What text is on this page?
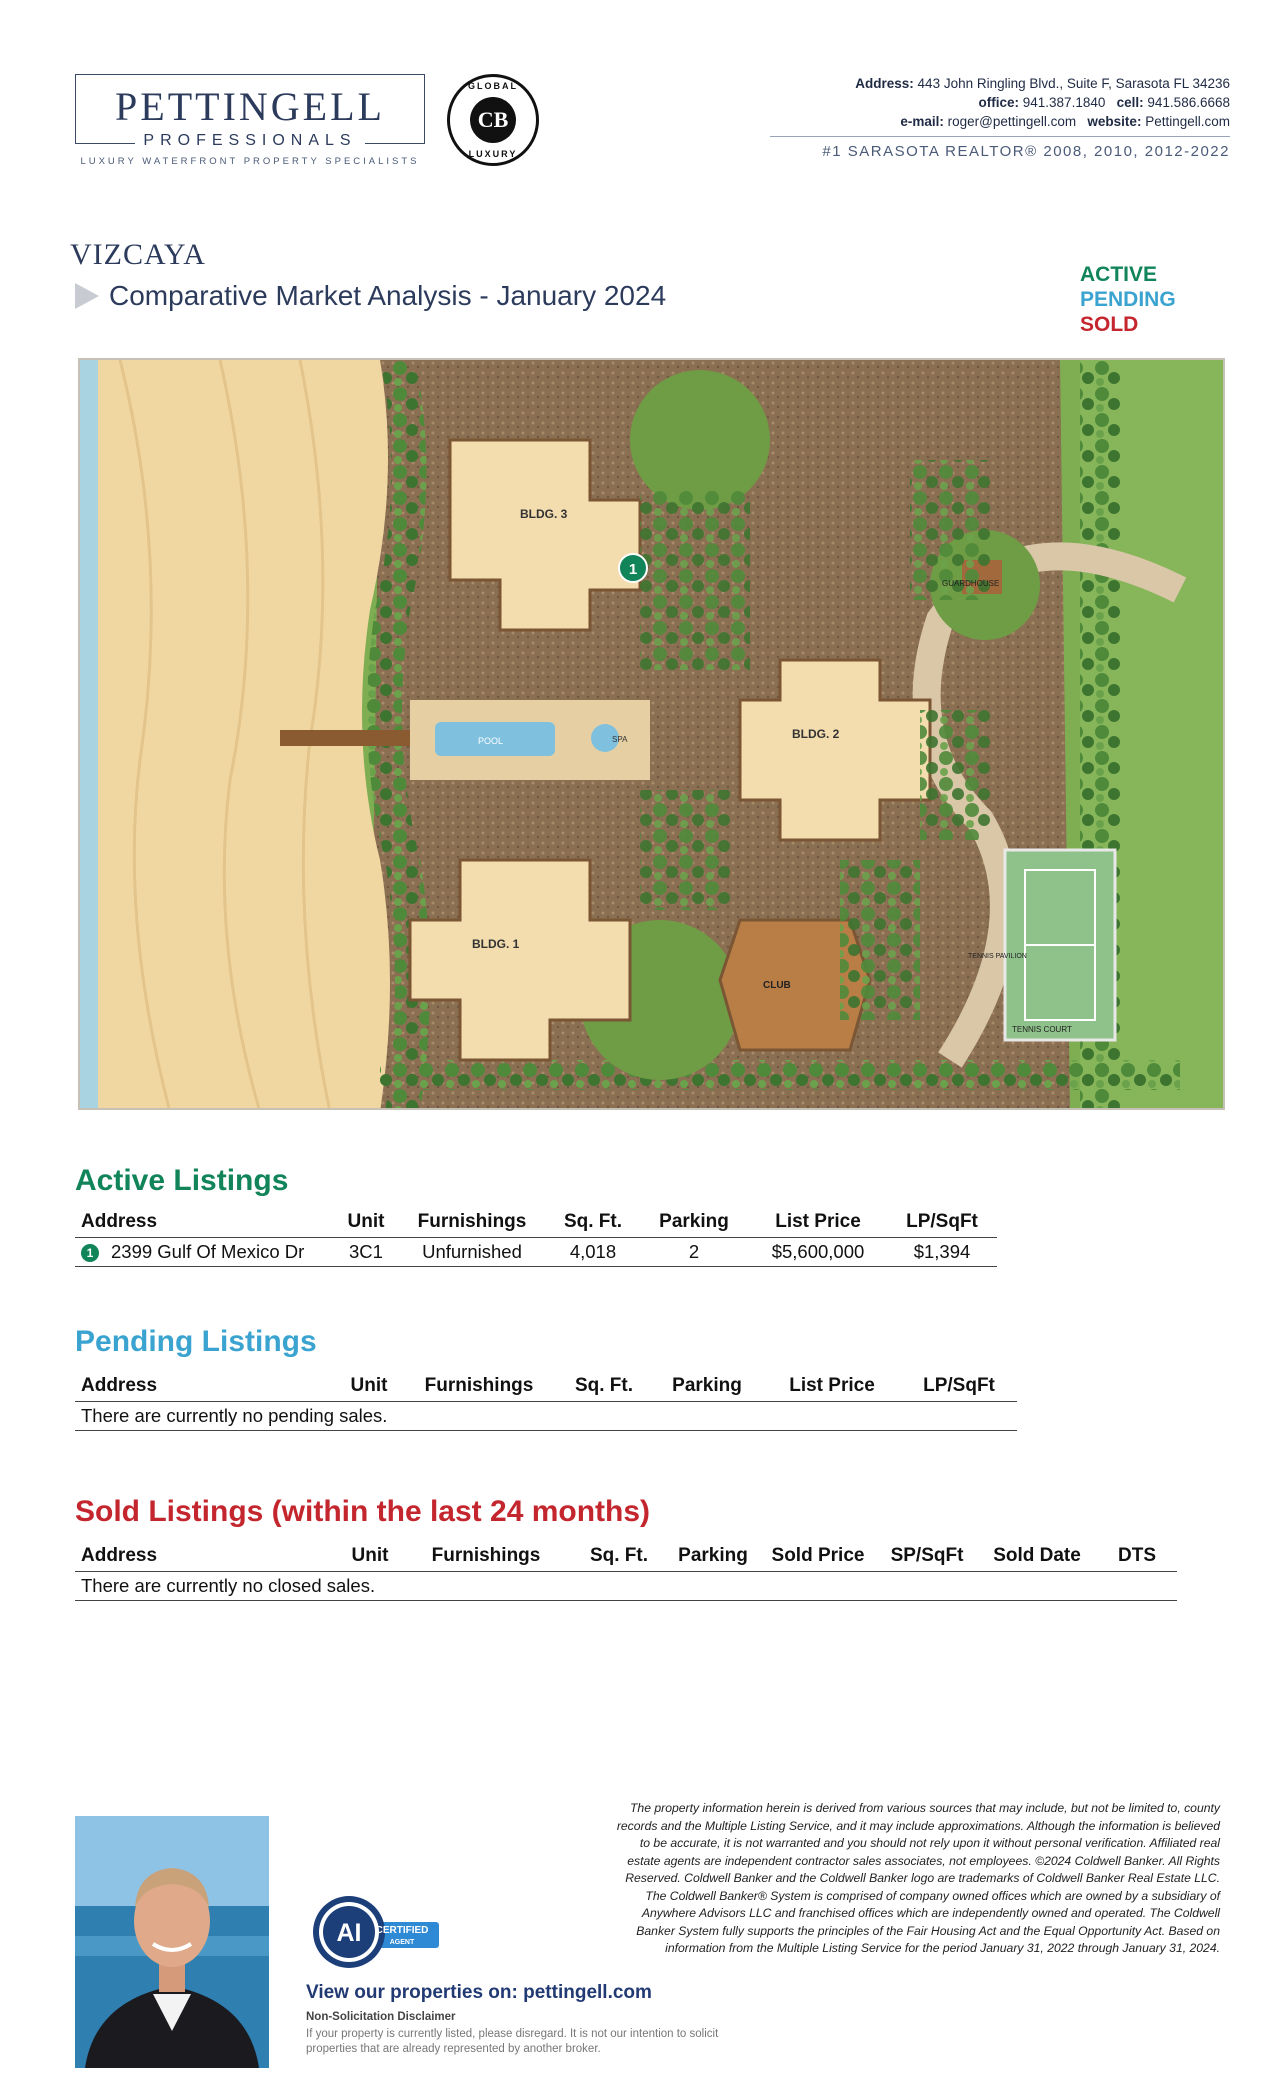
PETTINGELL
PROFESSIONALS
LUXURY WATERFRONT PROPERTY SPECIALISTS
GLOBAL
CB
LUXURY
Address: 443 John Ringling Blvd., Suite F, Sarasota FL 34236
office: 941.387.1840 cell: 941.586.6668
e-mail: roger@pettingell.com website: Pettingell.com
#1 SARASOTA REALTOR® 2008, 2010, 2012-2022
VIZCAYA
Comparative Market Analysis - January 2024
ACTIVE
PENDING
SOLD
BLDG. 3
BLDG. 2
BLDG. 1
POOL	SPA
CLUB
GUARDHOUSE
TENNIS PAVILION
TENNIS COURT
1
Active Listings
Address	Unit	Furnishings	Sq. Ft.	Parking	List Price	LP/SqFt
1 2399 Gulf Of Mexico Dr	3C1	Unfurnished	4,018	2	$5,600,000	$1,394
Pending Listings
Address	Unit	Furnishings	Sq. Ft.	Parking	List Price	LP/SqFt
There are currently no pending sales.
Sold Listings (within the last 24 months)
Address	Unit	Furnishings	Sq. Ft.	Parking	Sold Price	SP/SqFt	Sold Date	DTS
There are currently no closed sales.
The property information herein is derived from various sources that may include, but not be limited to, county records and the Multiple Listing Service, and it may include approximations. Although the information is believed to be accurate, it is not warranted and you should not rely upon it without personal verification. Affiliated real estate agents are independent contractor sales associates, not employees. ©2024 Coldwell Banker. All Rights Reserved. Coldwell Banker and the Coldwell Banker logo are trademarks of Coldwell Banker Real Estate LLC. The Coldwell Banker® System is comprised of company owned offices which are owned by a subsidiary of Anywhere Advisors LLC and franchised offices which are independently owned and operated. The Coldwell Banker System fully supports the principles of the Fair Housing Act and the Equal Opportunity Act. Based on information from the Multiple Listing Service for the period January 31, 2022 through January 31, 2024.
AI CERTIFIED
AGENT
View our properties on: pettingell.com
Non-Solicitation Disclaimer
If your property is currently listed, please disregard. It is not our intention to solicit properties that are already represented by another broker.
